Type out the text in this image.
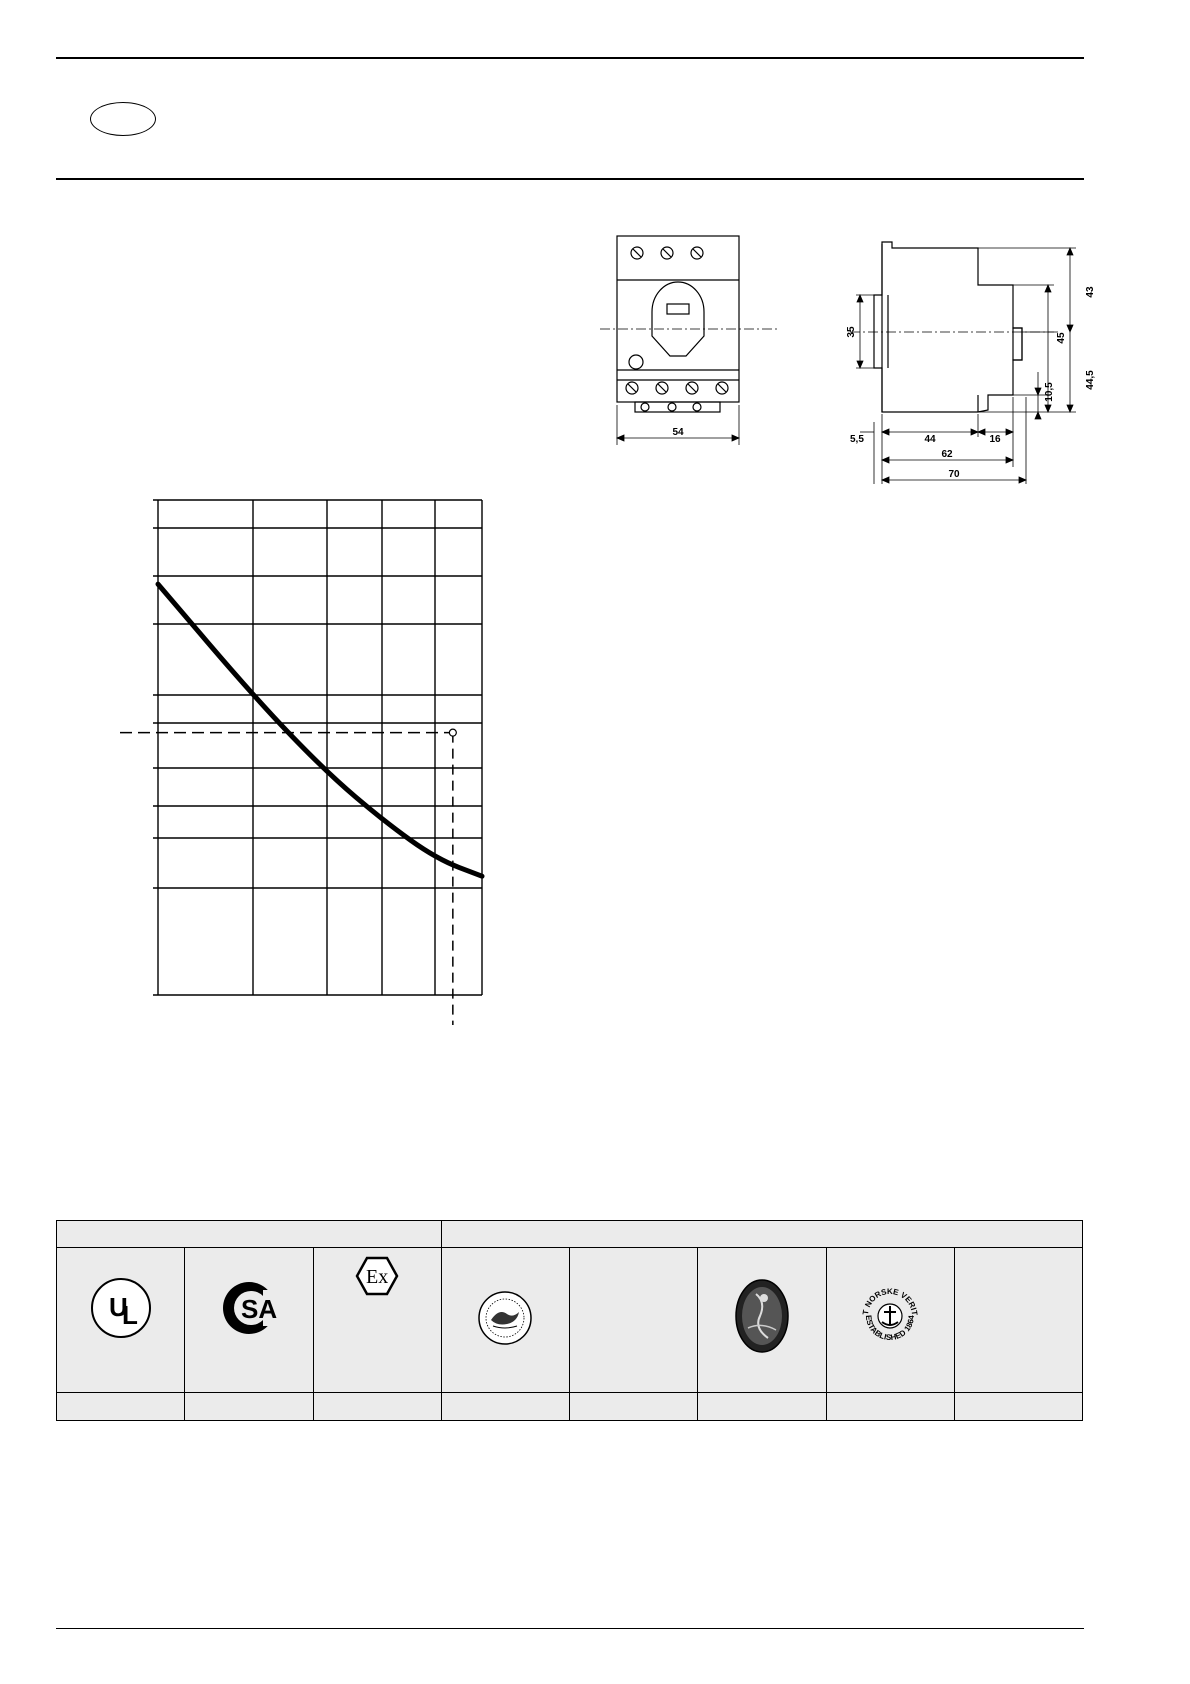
54
43
35
45
44,5
10,5
5,5	44	16
62
70

U
L	SA	Ex				DET NORSKE VERITAS
ESTABLISHED 1864	
